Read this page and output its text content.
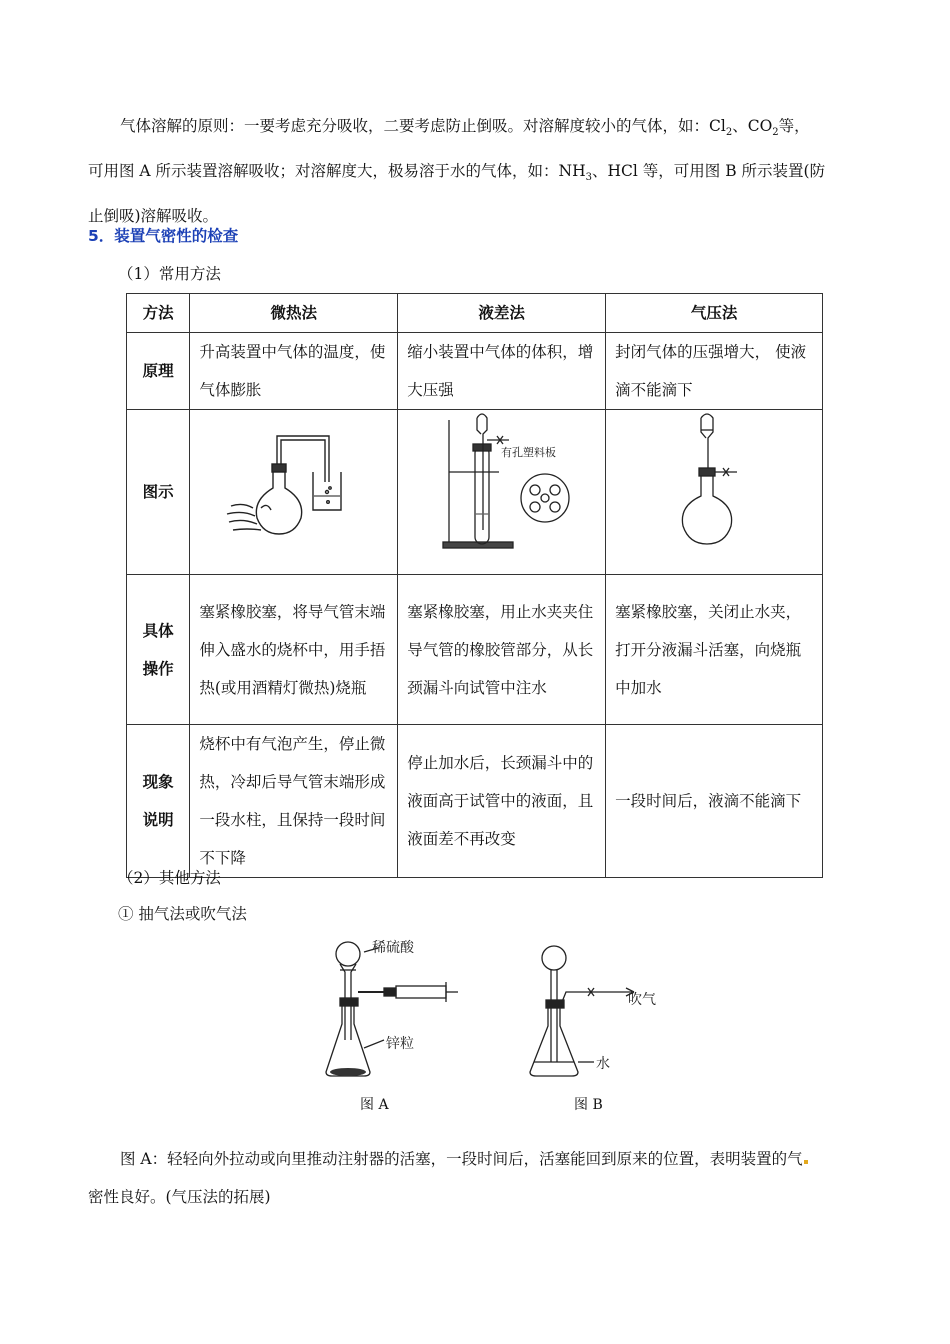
气体溶解的原则：一要考虑充分吸收，二要考虑防止倒吸。对溶解度较小的气体，如：$Cl_2$、$CO_2$等，
可用图 A 所示装置溶解吸收；对溶解度大，极易溶于水的气体，如：$NH_3$、HCl 等，可用图 B 所示装置(防
止倒吸)溶解吸收。
5．装置气密性的检查
（1）常用方法
方法	微热法	液差法	气压法
原理	升高装置中气体的温度，使气体膨胀	缩小装置中气体的体积，增大压强	封闭气体的压强增大， 使液滴不能滴下
图示		有孔塑料板

具体
操作	塞紧橡胶塞，将导气管末端伸入盛水的烧杯中，用手捂热(或用酒精灯微热)烧瓶	塞紧橡胶塞，用止水夹夹住导气管的橡胶管部分，从长颈漏斗向试管中注水	塞紧橡胶塞，关闭止水夹，打开分液漏斗活塞，向烧瓶中加水

现象
说明	烧杯中有气泡产生，停止微热，冷却后导气管末端形成一段水柱，且保持一段时间不下降	停止加水后，长颈漏斗中的液面高于试管中的液面，且液面差不再改变	一段时间后，液滴不能滴下
（2）其他方法
① 抽气法或吹气法
稀硫酸
锌粒
图 A
吹气
水
图 B
图 A：轻轻向外拉动或向里推动注射器的活塞，一段时间后，活塞能回到原来的位置，表明装置的气
密性良好。(气压法的拓展)
